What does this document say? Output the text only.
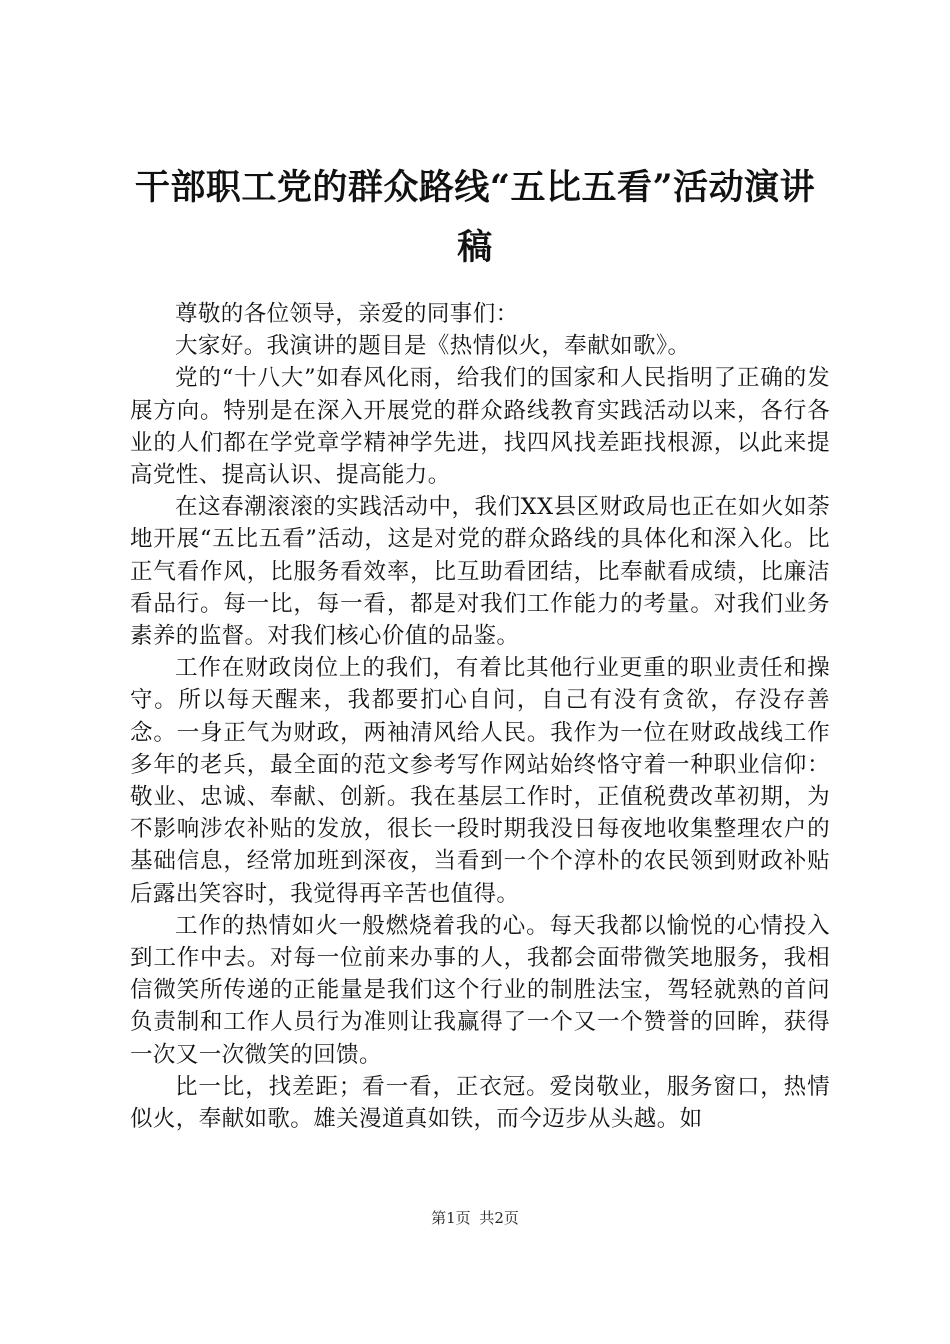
干部职工党的群众路线“五比五看”活动演讲稿

尊敬的各位领导，亲爱的同事们：

大家好。我演讲的题目是《热情似火，奉献如歌》。

党的“十八大”如春风化雨，给我们的国家和人民指明了正确的发展方向。特别是在深入开展党的群众路线教育实践活动以来，各行各业的人们都在学党章学精神学先进，找四风找差距找根源，以此来提高党性、提高认识、提高能力。

在这春潮滚滚的实践活动中，我们XX县区财政局也正在如火如荼地开展“五比五看”活动，这是对党的群众路线的具体化和深入化。比正气看作风，比服务看效率，比互助看团结，比奉献看成绩，比廉洁看品行。每一比，每一看，都是对我们工作能力的考量。对我们业务素养的监督。对我们核心价值的品鉴。

工作在财政岗位上的我们，有着比其他行业更重的职业责任和操守。所以每天醒来，我都要扪心自问，自己有没有贪欲，存没存善念。一身正气为财政，两袖清风给人民。我作为一位在财政战线工作多年的老兵，最全面的范文参考写作网站始终恪守着一种职业信仰：敬业、忠诚、奉献、创新。我在基层工作时，正值税费改革初期，为不影响涉农补贴的发放，很长一段时期我没日每夜地收集整理农户的基础信息，经常加班到深夜，当看到一个个淳朴的农民领到财政补贴后露出笑容时，我觉得再辛苦也值得。

工作的热情如火一般燃烧着我的心。每天我都以愉悦的心情投入到工作中去。对每一位前来办事的人，我都会面带微笑地服务，我相信微笑所传递的正能量是我们这个行业的制胜法宝，驾轻就熟的首问负责制和工作人员行为准则让我赢得了一个又一个赞誉的回眸，获得一次又一次微笑的回馈。

比一比，找差距；看一看，正衣冠。爱岗敬业，服务窗口，热情似火，奉献如歌。雄关漫道真如铁，而今迈步从头越。如

第1页 共2页
